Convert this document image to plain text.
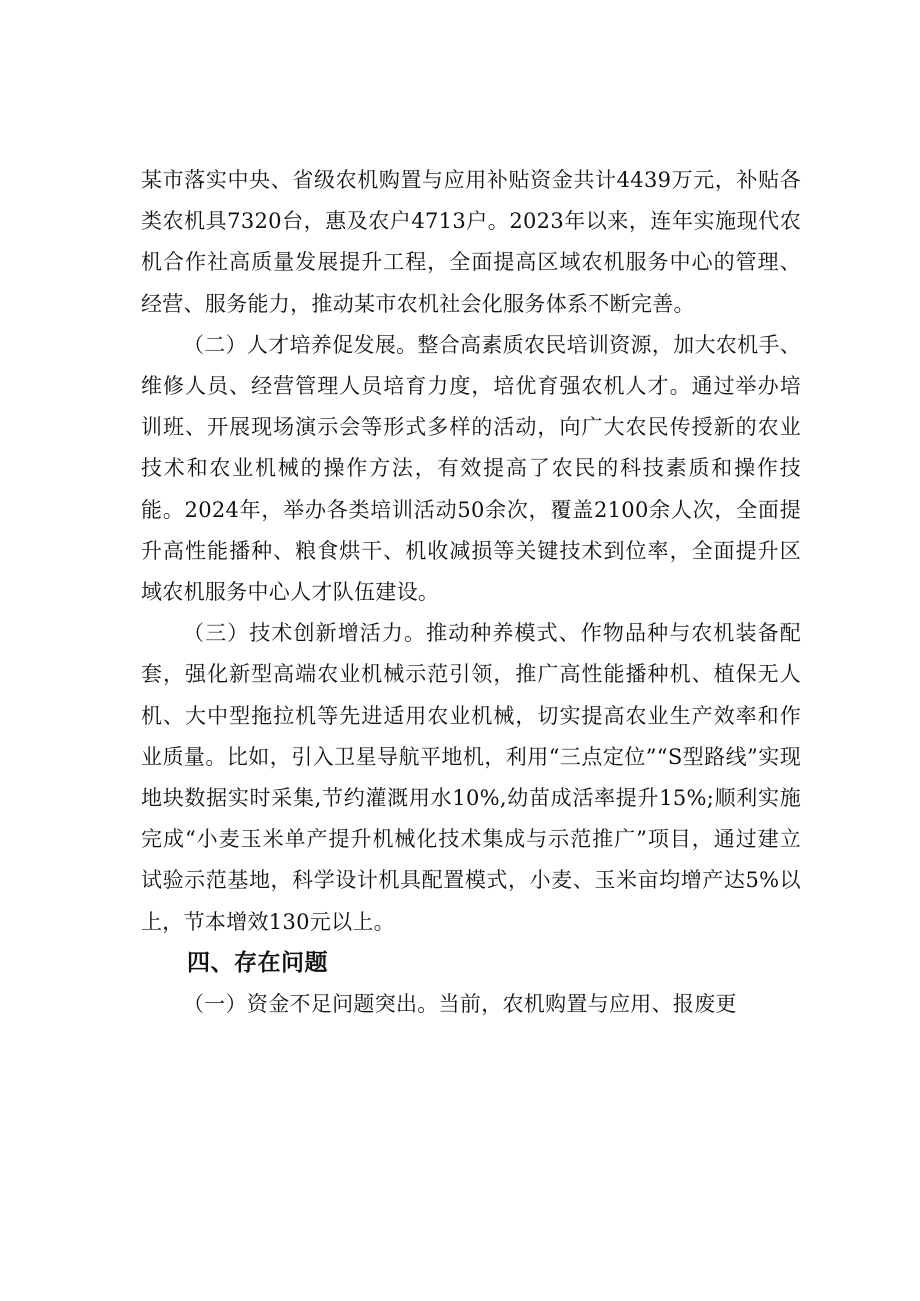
某市落实中央、省级农机购置与应用补贴资金共计4439万元，补贴各类农机具7320台，惠及农户4713户。2023年以来，连年实施现代农机合作社高质量发展提升工程，全面提高区域农机服务中心的管理、经营、服务能力，推动某市农机社会化服务体系不断完善。

（二）人才培养促发展。整合高素质农民培训资源，加大农机手、维修人员、经营管理人员培育力度，培优育强农机人才。通过举办培训班、开展现场演示会等形式多样的活动，向广大农民传授新的农业技术和农业机械的操作方法，有效提高了农民的科技素质和操作技能。2024年，举办各类培训活动50余次，覆盖2100余人次，全面提升高性能播种、粮食烘干、机收减损等关键技术到位率，全面提升区域农机服务中心人才队伍建设。

（三）技术创新增活力。推动种养模式、作物品种与农机装备配套，强化新型高端农业机械示范引领，推广高性能播种机、植保无人机、大中型拖拉机等先进适用农业机械，切实提高农业生产效率和作业质量。比如，引入卫星导航平地机，利用“三点定位”“S型路线”实现地块数据实时采集,节约灌溉用水10%,幼苗成活率提升15%;顺利实施完成“小麦玉米单产提升机械化技术集成与示范推广”项目，通过建立试验示范基地，科学设计机具配置模式，小麦、玉米亩均增产达5%以上，节本增效130元以上。

四、存在问题

（一）资金不足问题突出。当前，农机购置与应用、报废更
